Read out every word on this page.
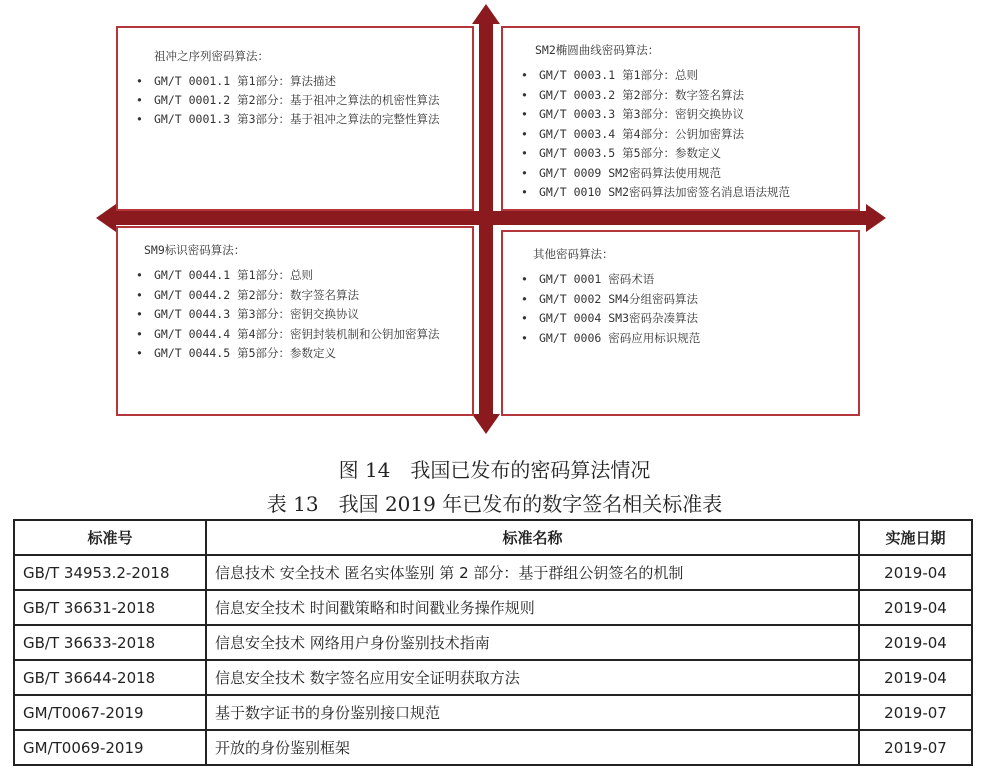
祖冲之序列密码算法：
• GM/T 0001.1 第1部分：算法描述
• GM/T 0001.2 第2部分：基于祖冲之算法的机密性算法
• GM/T 0001.3 第3部分：基于祖冲之算法的完整性算法
SM2椭圆曲线密码算法：
• GM/T 0003.1 第1部分：总则
• GM/T 0003.2 第2部分：数字签名算法
• GM/T 0003.3 第3部分：密钥交换协议
• GM/T 0003.4 第4部分：公钥加密算法
• GM/T 0003.5 第5部分：参数定义
• GM/T 0009 SM2密码算法使用规范
• GM/T 0010 SM2密码算法加密签名消息语法规范
SM9标识密码算法：
• GM/T 0044.1 第1部分：总则
• GM/T 0044.2 第2部分：数字签名算法
• GM/T 0044.3 第3部分：密钥交换协议
• GM/T 0044.4 第4部分：密钥封装机制和公钥加密算法
• GM/T 0044.5 第5部分：参数定义
其他密码算法：
• GM/T 0001 密码术语
• GM/T 0002 SM4分组密码算法
• GM/T 0004 SM3密码杂凑算法
• GM/T 0006 密码应用标识规范
图 14　我国已发布的密码算法情况
表 13　我国 2019 年已发布的数字签名相关标准表
标准号	标准名称	实施日期
GB/T 34953.2-2018	信息技术 安全技术 匿名实体鉴别 第 2 部分：基于群组公钥签名的机制	2019-04
GB/T 36631-2018	信息安全技术 时间戳策略和时间戳业务操作规则	2019-04
GB/T 36633-2018	信息安全技术 网络用户身份鉴别技术指南	2019-04
GB/T 36644-2018	信息安全技术 数字签名应用安全证明获取方法	2019-04
GM/T0067-2019	基于数字证书的身份鉴别接口规范	2019-07
GM/T0069-2019	开放的身份鉴别框架	2019-07
